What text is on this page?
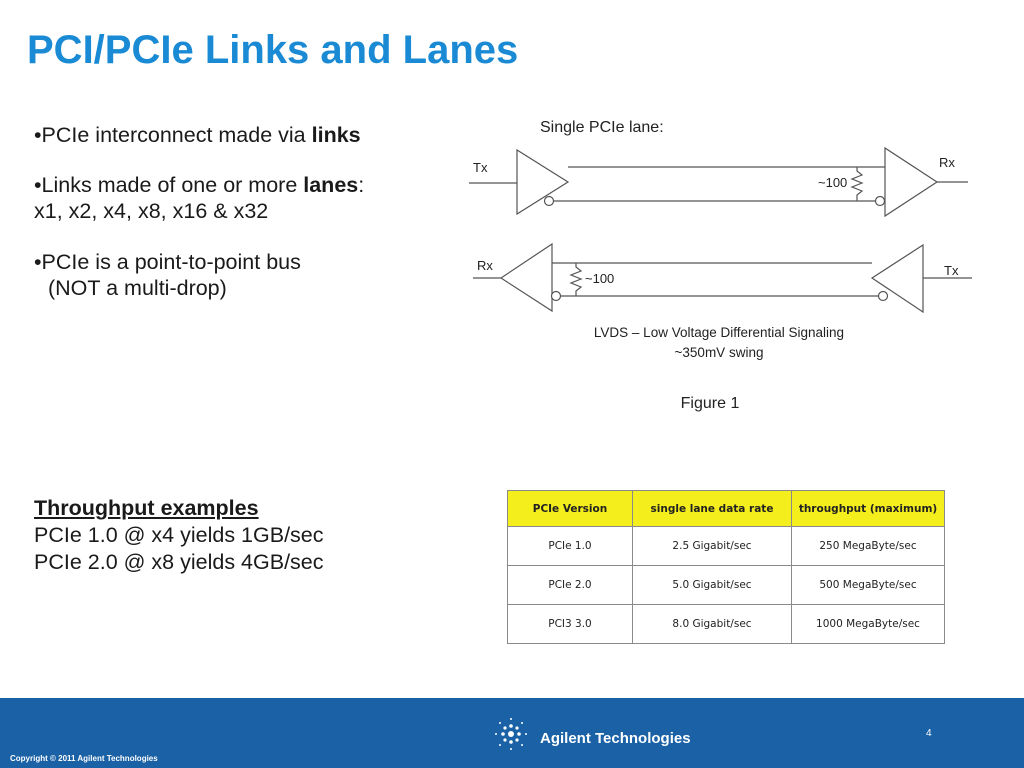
PCI/PCIe Links and Lanes

•PCIe interconnect made via links

•Links made of one or more lanes:
x1, x2, x4, x8, x16 & x32

•PCIe is a point-to-point bus
(NOT a multi-drop)

Throughput examples
PCIe 1.0 @ x4 yields 1GB/sec
PCIe 2.0 @ x8 yields 4GB/sec
Single PCIe lane:
Tx	Rx
~100
Rx	Tx
~100
LVDS – Low Voltage Differential Signaling
~350mV swing
Figure 1
PCIe Version	single lane data rate	throughput (maximum)
PCIe 1.0	2.5 Gigabit/sec	250 MegaByte/sec
PCIe 2.0	5.0 Gigabit/sec	500 MegaByte/sec
PCI3 3.0	8.0 Gigabit/sec	1000 MegaByte/sec
Agilent Technologies	4
Copyright © 2011 Agilent Technologies
